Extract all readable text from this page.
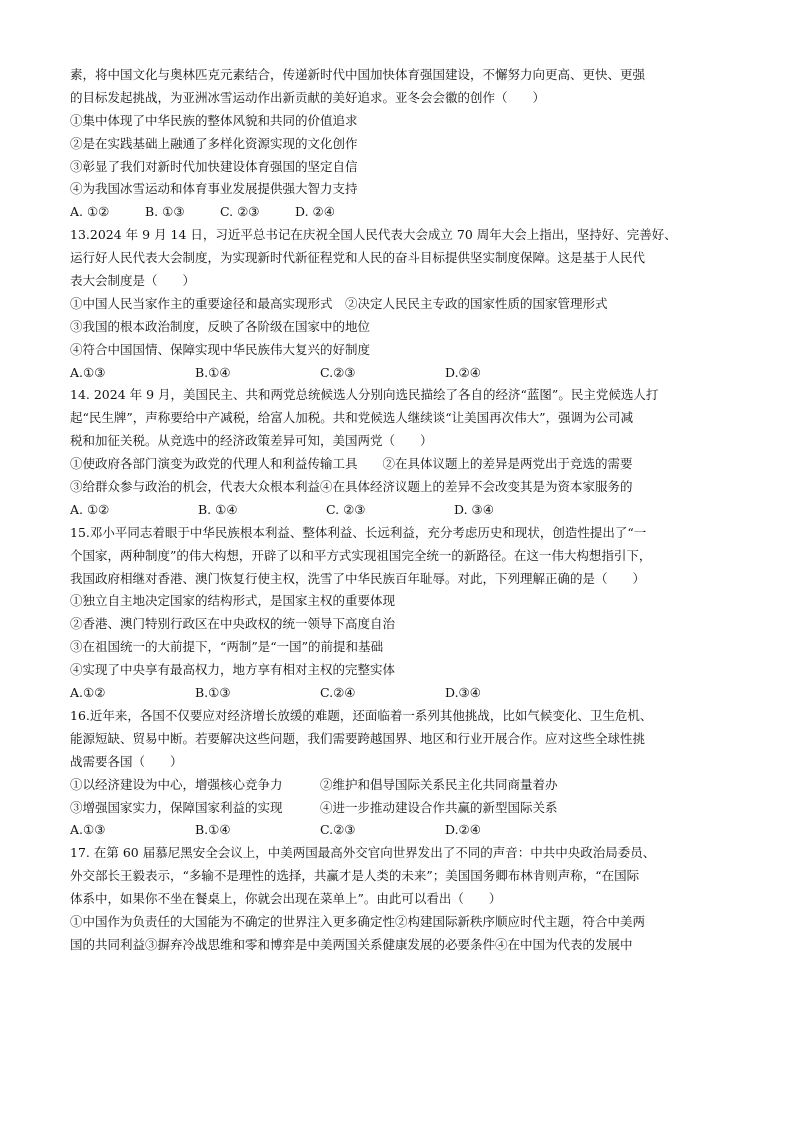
素，将中国文化与奥林匹克元素结合，传递新时代中国加快体育强国建设，不懈努力向更高、更快、更强
的目标发起挑战，为亚洲冰雪运动作出新贡献的美好追求。亚冬会会徽的创作（　　）
①集中体现了中华民族的整体风貌和共同的价值追求
②是在实践基础上融通了多样化资源实现的文化创作
③彰显了我们对新时代加快建设体育强国的坚定自信
④为我国冰雪运动和体育事业发展提供强大智力支持
A. ①②	B. ①③	C. ②③	D. ②④
13.2024 年 9 月 14 日，习近平总书记在庆祝全国人民代表大会成立 70 周年大会上指出，坚持好、完善好、
运行好人民代表大会制度，为实现新时代新征程党和人民的奋斗目标提供坚实制度保障。这是基于人民代
表大会制度是（　　）
①中国人民当家作主的重要途径和最高实现形式　②决定人民民主专政的国家性质的国家管理形式
③我国的根本政治制度，反映了各阶级在国家中的地位
④符合中国国情、保障实现中华民族伟大复兴的好制度
A.①③	B.①④	C.②③	D.②④
14. 2024 年 9 月，美国民主、共和两党总统候选人分别向选民描绘了各自的经济“蓝图”。民主党候选人打
起“民生牌”，声称要给中产减税，给富人加税。共和党候选人继续谈“让美国再次伟大”，强调为公司减
税和加征关税。从竞选中的经济政策差异可知，美国两党（　　）
①使政府各部门演变为政党的代理人和利益传输工具　　②在具体议题上的差异是两党出于竞选的需要
③给群众参与政治的机会，代表大众根本利益④在具体经济议题上的差异不会改变其是为资本家服务的
A. ①②	B. ①④	C. ②③	D. ③④
15.邓小平同志着眼于中华民族根本利益、整体利益、长远利益，充分考虑历史和现状，创造性提出了“一
个国家，两种制度”的伟大构想，开辟了以和平方式实现祖国完全统一的新路径。在这一伟大构想指引下，
我国政府相继对香港、澳门恢复行使主权，洗雪了中华民族百年耻辱。对此，下列理解正确的是（　　）
①独立自主地决定国家的结构形式，是国家主权的重要体现
②香港、澳门特别行政区在中央政权的统一领导下高度自治
③在祖国统一的大前提下，“两制”是“一国”的前提和基础
④实现了中央享有最高权力，地方享有相对主权的完整实体
A.①②	B.①③	C.②④	D.③④
16.近年来，各国不仅要应对经济增长放缓的难题，还面临着一系列其他挑战，比如气候变化、卫生危机、
能源短缺、贸易中断。若要解决这些问题，我们需要跨越国界、地区和行业开展合作。应对这些全球性挑
战需要各国（　　）
①以经济建设为中心，增强核心竞争力	②维护和倡导国际关系民主化共同商量着办
③增强国家实力，保障国家利益的实现	④进一步推动建设合作共赢的新型国际关系
A.①③	B.①④	C.②③	D.②④
17. 在第 60 届慕尼黑安全会议上，中美两国最高外交官向世界发出了不同的声音：中共中央政治局委员、
外交部长王毅表示，“多输不是理性的选择，共赢才是人类的未来”；美国国务卿布林肯则声称，“在国际
体系中，如果你不坐在餐桌上，你就会出现在菜单上”。由此可以看出（　　）
①中国作为负责任的大国能为不确定的世界注入更多确定性②构建国际新秩序顺应时代主题，符合中美两
国的共同利益③摒弃冷战思维和零和博弈是中美两国关系健康发展的必要条件④在中国为代表的发展中
